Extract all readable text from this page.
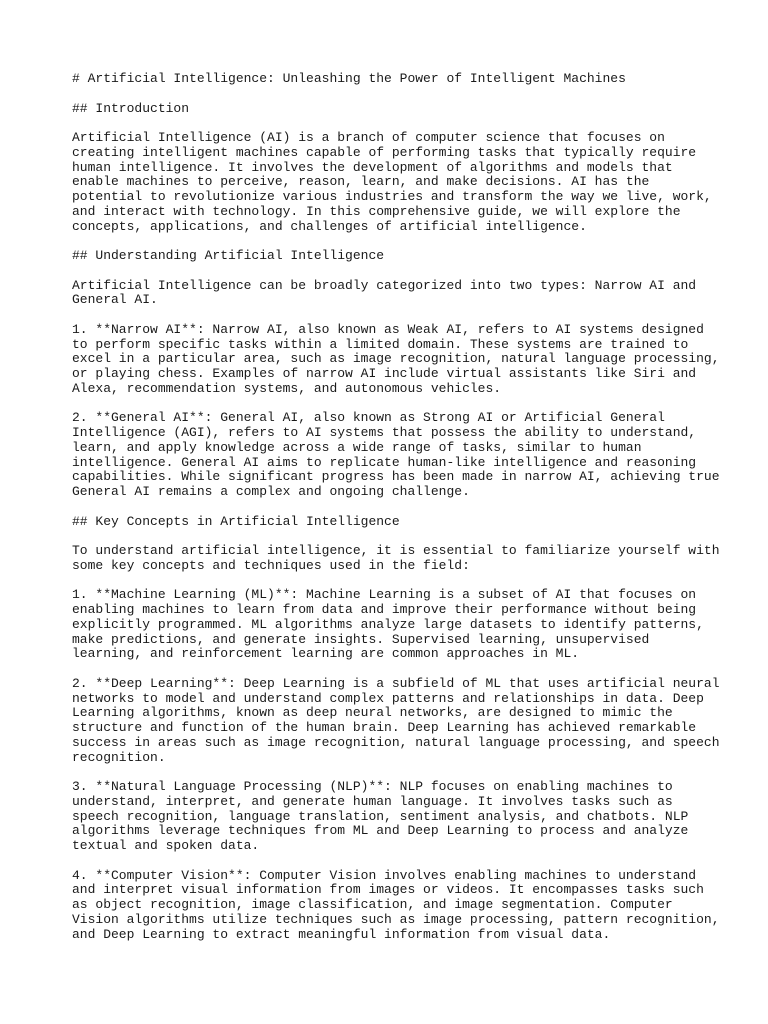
# Artificial Intelligence: Unleashing the Power of Intelligent Machines

## Introduction

Artificial Intelligence (AI) is a branch of computer science that focuses on
creating intelligent machines capable of performing tasks that typically require
human intelligence. It involves the development of algorithms and models that
enable machines to perceive, reason, learn, and make decisions. AI has the
potential to revolutionize various industries and transform the way we live, work,
and interact with technology. In this comprehensive guide, we will explore the
concepts, applications, and challenges of artificial intelligence.

## Understanding Artificial Intelligence

Artificial Intelligence can be broadly categorized into two types: Narrow AI and
General AI.

1. **Narrow AI**: Narrow AI, also known as Weak AI, refers to AI systems designed
to perform specific tasks within a limited domain. These systems are trained to
excel in a particular area, such as image recognition, natural language processing,
or playing chess. Examples of narrow AI include virtual assistants like Siri and
Alexa, recommendation systems, and autonomous vehicles.

2. **General AI**: General AI, also known as Strong AI or Artificial General
Intelligence (AGI), refers to AI systems that possess the ability to understand,
learn, and apply knowledge across a wide range of tasks, similar to human
intelligence. General AI aims to replicate human-like intelligence and reasoning
capabilities. While significant progress has been made in narrow AI, achieving true
General AI remains a complex and ongoing challenge.

## Key Concepts in Artificial Intelligence

To understand artificial intelligence, it is essential to familiarize yourself with
some key concepts and techniques used in the field:

1. **Machine Learning (ML)**: Machine Learning is a subset of AI that focuses on
enabling machines to learn from data and improve their performance without being
explicitly programmed. ML algorithms analyze large datasets to identify patterns,
make predictions, and generate insights. Supervised learning, unsupervised
learning, and reinforcement learning are common approaches in ML.

2. **Deep Learning**: Deep Learning is a subfield of ML that uses artificial neural
networks to model and understand complex patterns and relationships in data. Deep
Learning algorithms, known as deep neural networks, are designed to mimic the
structure and function of the human brain. Deep Learning has achieved remarkable
success in areas such as image recognition, natural language processing, and speech
recognition.

3. **Natural Language Processing (NLP)**: NLP focuses on enabling machines to
understand, interpret, and generate human language. It involves tasks such as
speech recognition, language translation, sentiment analysis, and chatbots. NLP
algorithms leverage techniques from ML and Deep Learning to process and analyze
textual and spoken data.

4. **Computer Vision**: Computer Vision involves enabling machines to understand
and interpret visual information from images or videos. It encompasses tasks such
as object recognition, image classification, and image segmentation. Computer
Vision algorithms utilize techniques such as image processing, pattern recognition,
and Deep Learning to extract meaningful information from visual data.
